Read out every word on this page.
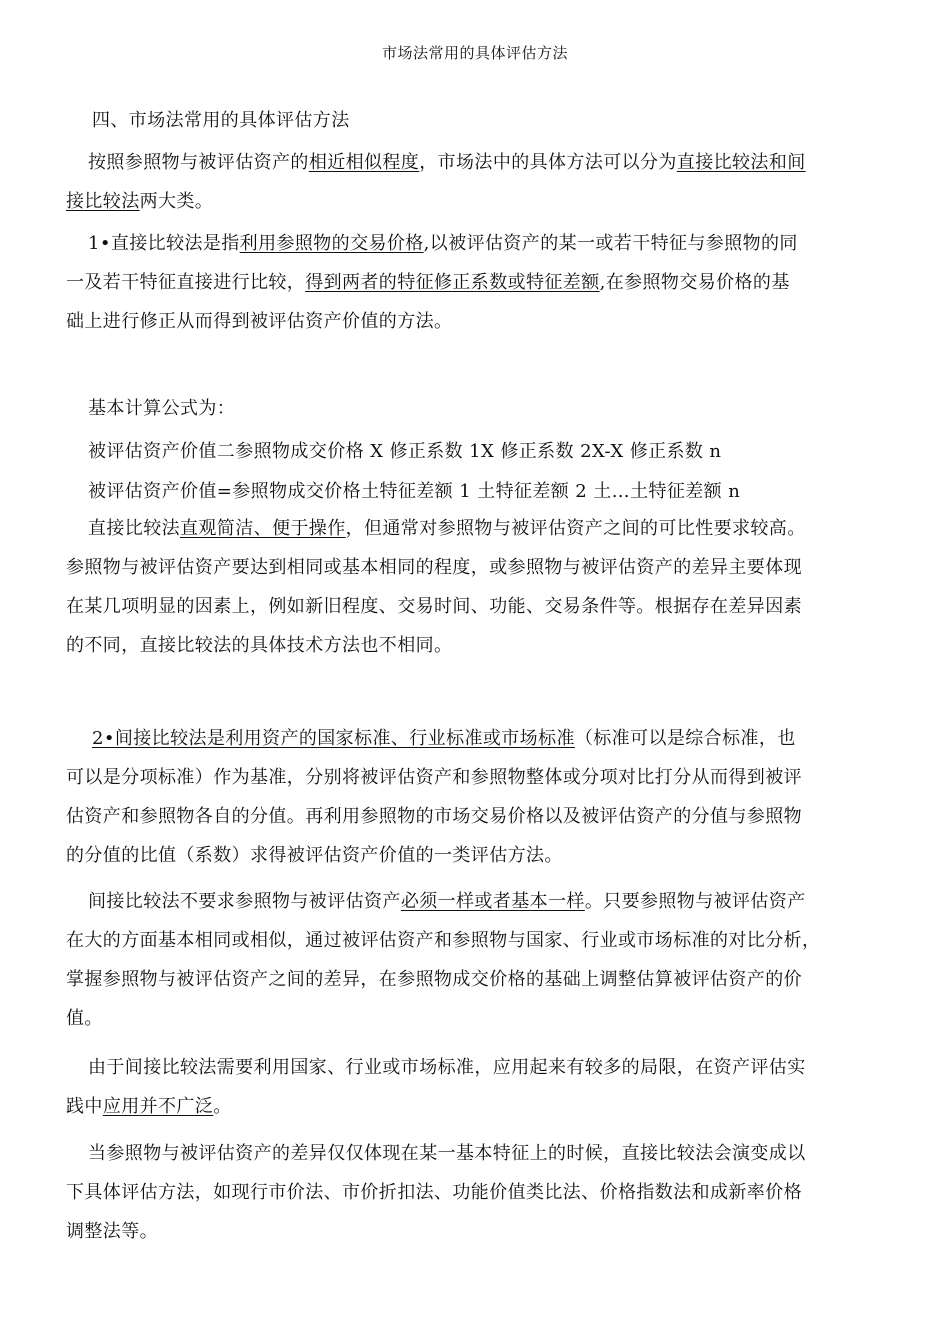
市场法常用的具体评估方法
四、市场法常用的具体评估方法
按照参照物与被评估资产的相近相似程度，市场法中的具体方法可以分为直接比较法和间
接比较法两大类。
1•直接比较法是指利用参照物的交易价格,以被评估资产的某一或若干特征与参照物的同
一及若干特征直接进行比较，得到两者的特征修正系数或特征差额,在参照物交易价格的基
础上进行修正从而得到被评估资产价值的方法。
基本计算公式为：
被评估资产价值二参照物成交价格 X 修正系数 1X 修正系数 2X-X 修正系数 n
被评估资产价值=参照物成交价格土特征差额 1 土特征差额 2 土…土特征差额 n
直接比较法直观简洁、便于操作，但通常对参照物与被评估资产之间的可比性要求较高。
参照物与被评估资产要达到相同或基本相同的程度，或参照物与被评估资产的差异主要体现
在某几项明显的因素上，例如新旧程度、交易时间、功能、交易条件等。根据存在差异因素
的不同，直接比较法的具体技术方法也不相同。
2•间接比较法是利用资产的国家标准、行业标准或市场标准（标准可以是综合标准，也
可以是分项标准）作为基准，分别将被评估资产和参照物整体或分项对比打分从而得到被评
估资产和参照物各自的分值。再利用参照物的市场交易价格以及被评估资产的分值与参照物
的分值的比值（系数）求得被评估资产价值的一类评估方法。
间接比较法不要求参照物与被评估资产必须一样或者基本一样。只要参照物与被评估资产
在大的方面基本相同或相似，通过被评估资产和参照物与国家、行业或市场标准的对比分析，
掌握参照物与被评估资产之间的差异，在参照物成交价格的基础上调整估算被评估资产的价
值。
由于间接比较法需要利用国家、行业或市场标准，应用起来有较多的局限，在资产评估实
践中应用并不广泛。
当参照物与被评估资产的差异仅仅体现在某一基本特征上的时候，直接比较法会演变成以
下具体评估方法，如现行市价法、市价折扣法、功能价值类比法、价格指数法和成新率价格
调整法等。
